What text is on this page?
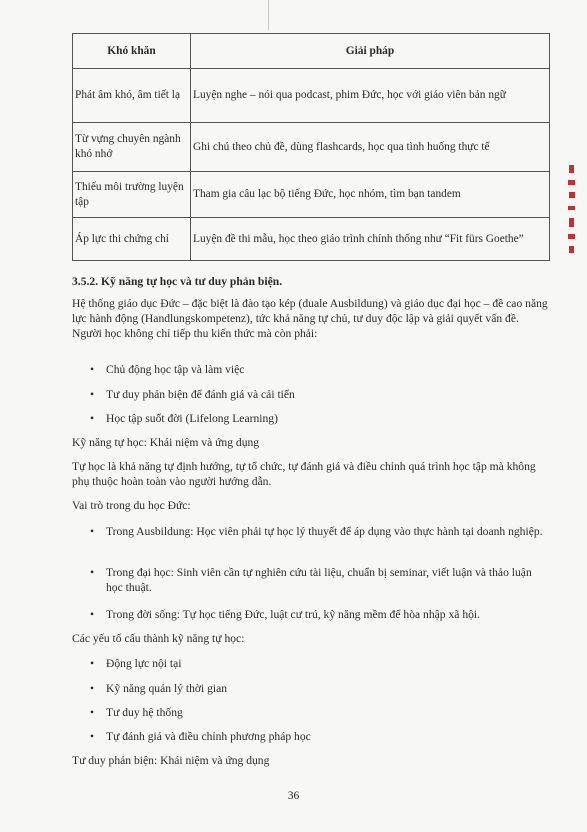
Khó khăn	Giải pháp
Phát âm khó, âm tiết lạ	Luyện nghe – nói qua podcast, phim Đức, học với giáo viên bản ngữ
Từ vựng chuyên ngành khó nhớ	Ghi chú theo chủ đề, dùng flashcards, học qua tình huống thực tế
Thiếu môi trường luyện tập	Tham gia câu lạc bộ tiếng Đức, học nhóm, tìm bạn tandem
Áp lực thi chứng chỉ	Luyện đề thi mẫu, học theo giáo trình chính thống như “Fit fürs Goethe”
3.5.2. Kỹ năng tự học và tư duy phản biện.
Hệ thống giáo dục Đức – đặc biệt là đào tạo kép (duale Ausbildung) và giáo dục đại học – đề cao năng lực hành động (Handlungskompetenz), tức khả năng tự chủ, tư duy độc lập và giải quyết vấn đề. Người học không chỉ tiếp thu kiến thức mà còn phải:
• Chủ động học tập và làm việc
• Tư duy phản biện để đánh giá và cải tiến
• Học tập suốt đời (Lifelong Learning)
Kỹ năng tự học: Khái niệm và ứng dụng
Tự học là khả năng tự định hướng, tự tổ chức, tự đánh giá và điều chỉnh quá trình học tập mà không phụ thuộc hoàn toàn vào người hướng dẫn.
Vai trò trong du học Đức:
• Trong Ausbildung: Học viên phải tự học lý thuyết để áp dụng vào thực hành tại doanh nghiệp.
• Trong đại học: Sinh viên cần tự nghiên cứu tài liệu, chuẩn bị seminar, viết luận và thảo luận học thuật.
• Trong đời sống: Tự học tiếng Đức, luật cư trú, kỹ năng mềm để hòa nhập xã hội.
Các yếu tố cấu thành kỹ năng tự học:
• Động lực nội tại
• Kỹ năng quản lý thời gian
• Tư duy hệ thống
• Tự đánh giá và điều chỉnh phương pháp học
Tư duy phản biện: Khái niệm và ứng dụng
36
